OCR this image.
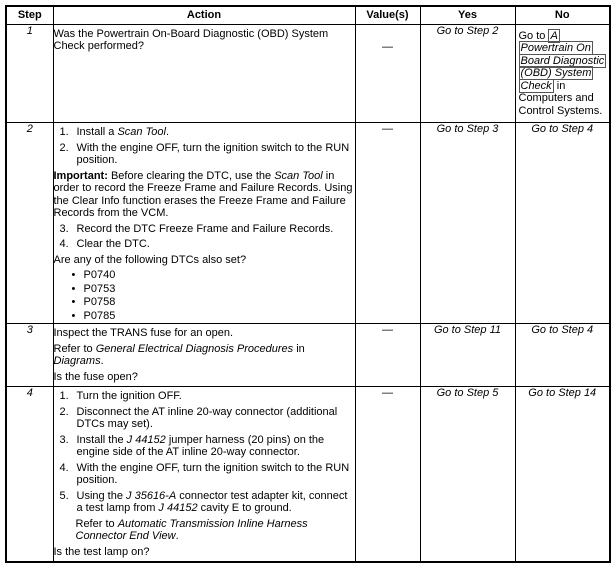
Step	Action	Value(s)	Yes	No
1	Was the Powertrain On-Board Diagnostic (OBD) System Check performed?	—	Go to Step 2	Go to A Powertrain On Board Diagnostic (OBD) System Check in Computers and Control Systems.

2	1. Install a Scan Tool.
2. With the engine OFF, turn the ignition switch to the RUN position.
Important: Before clearing the DTC, use the Scan Tool in order to record the Freeze Frame and Failure Records. Using the Clear Info function erases the Freeze Frame and Failure Records from the VCM.
3. Record the DTC Freeze Frame and Failure Records.
4. Clear the DTC.
Are any of the following DTCs also set?
• P0740
• P0753
• P0758
• P0785
	—	Go to Step 3	Go to Step 4
3	Inspect the TRANS fuse for an open.
Refer to General Electrical Diagnosis Procedures in Diagrams.
Is the fuse open?	—	Go to Step 11	Go to Step 4
4	1. Turn the ignition OFF.
2. Disconnect the AT inline 20-way connector (additional DTCs may set).
3. Install the J 44152 jumper harness (20 pins) on the engine side of the AT inline 20-way connector.
4. With the engine OFF, turn the ignition switch to the RUN position.
5. Using the J 35616-A connector test adapter kit, connect a test lamp from J 44152 cavity E to ground.
Refer to Automatic Transmission Inline Harness Connector End View.
Is the test lamp on?
	—	Go to Step 5	Go to Step 14
